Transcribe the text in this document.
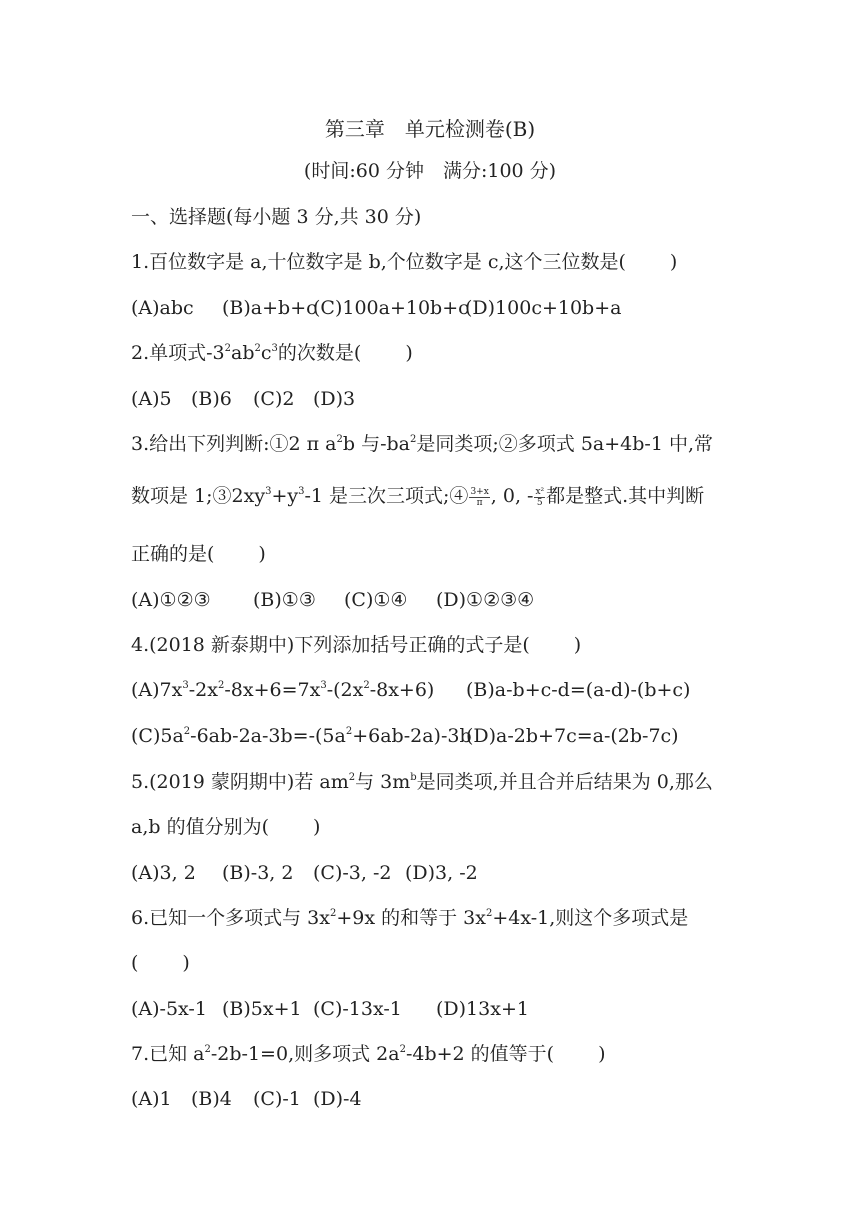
第三章　单元检测卷(B)
(时间:60 分钟　满分:100 分)
一、选择题(每小题 3 分,共 30 分)
1.百位数字是 a,十位数字是 b,个位数字是 c,这个三位数是( )
(A)abc (B)a+b+c
(C)100a+10b+c
(D)100c+10b+a
2.单项式$-3^2ab^2c^3$的次数是( )
(A)5 (B)6 (C)2 (D)3
3.给出下列判断:①2 π $a^2b$ 与$-ba^2$是同类项;②多项式 5a+4b-1 中,常
数项是 $1;③2xy^3+y^3-1$ 是三次三项式;④ $\frac{3+x}{\pi}$ , 0, - $\frac{\text{x²}}{5}$ 都是整式.其中判断
正确的是( )
(A)①②③ (B)①③ (C)①④ (D)①②③④
4.(2018 新泰期中)下列添加括号正确的式子是( )
$(A)7x^3-2x^2-8x+6=7x^3-(2x^2-8x+6)$ (B)a-b+c-d=(a-d)-(b+c)
$(C)5a^2-6ab-2a-3b=-(5a^2+6ab-2a)-3b$
(D)a-2b+7c=a-(2b-7c)
5.(2019 蒙阴期中)若 $am^2$与 $3m^b$是同类项,并且合并后结果为 0,那么
a,b 的值分别为( )
(A)3, 2 (B)-3, 2 (C)-3, -2 (D)3, -2
6.已知一个多项式与 $3x^2+9x$ 的和等于 $3x^2+4x-1$,则这个多项式是
( )
(A)-5x-1 (B)5x+1 (C)-13x-1 (D)13x+1
7.已知 $a^2-2b-1=0$,则多项式 $2a^2-4b+2$ 的值等于( )
(A)1 (B)4 (C)-1 (D)-4
